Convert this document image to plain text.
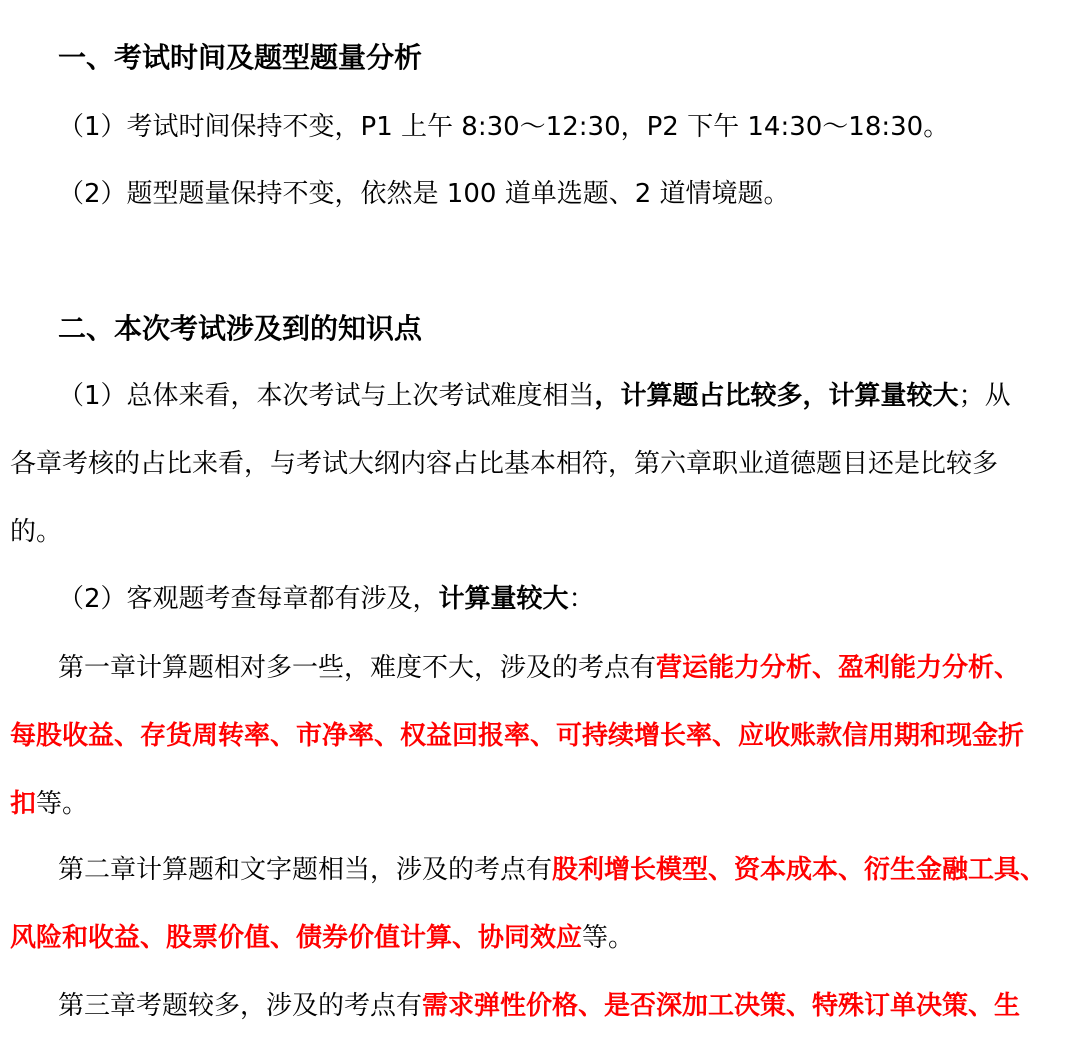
一、考试时间及题型题量分析
（1）考试时间保持不变，P1 上午 8:30～12:30，P2 下午 14:30～18:30。
（2）题型题量保持不变，依然是 100 道单选题、2 道情境题。
二、本次考试涉及到的知识点
（1）总体来看，本次考试与上次考试难度相当，计算题占比较多，计算量较大；从
各章考核的占比来看，与考试大纲内容占比基本相符，第六章职业道德题目还是比较多
的。
（2）客观题考查每章都有涉及，计算量较大：
第一章计算题相对多一些，难度不大，涉及的考点有营运能力分析、盈利能力分析、
每股收益、存货周转率、市净率、权益回报率、可持续增长率、应收账款信用期和现金折
扣等。
第二章计算题和文字题相当，涉及的考点有股利增长模型、资本成本、衍生金融工具、
风险和收益、股票价值、债券价值计算、协同效应等。
第三章考题较多，涉及的考点有需求弹性价格、是否深加工决策、特殊订单决策、生
